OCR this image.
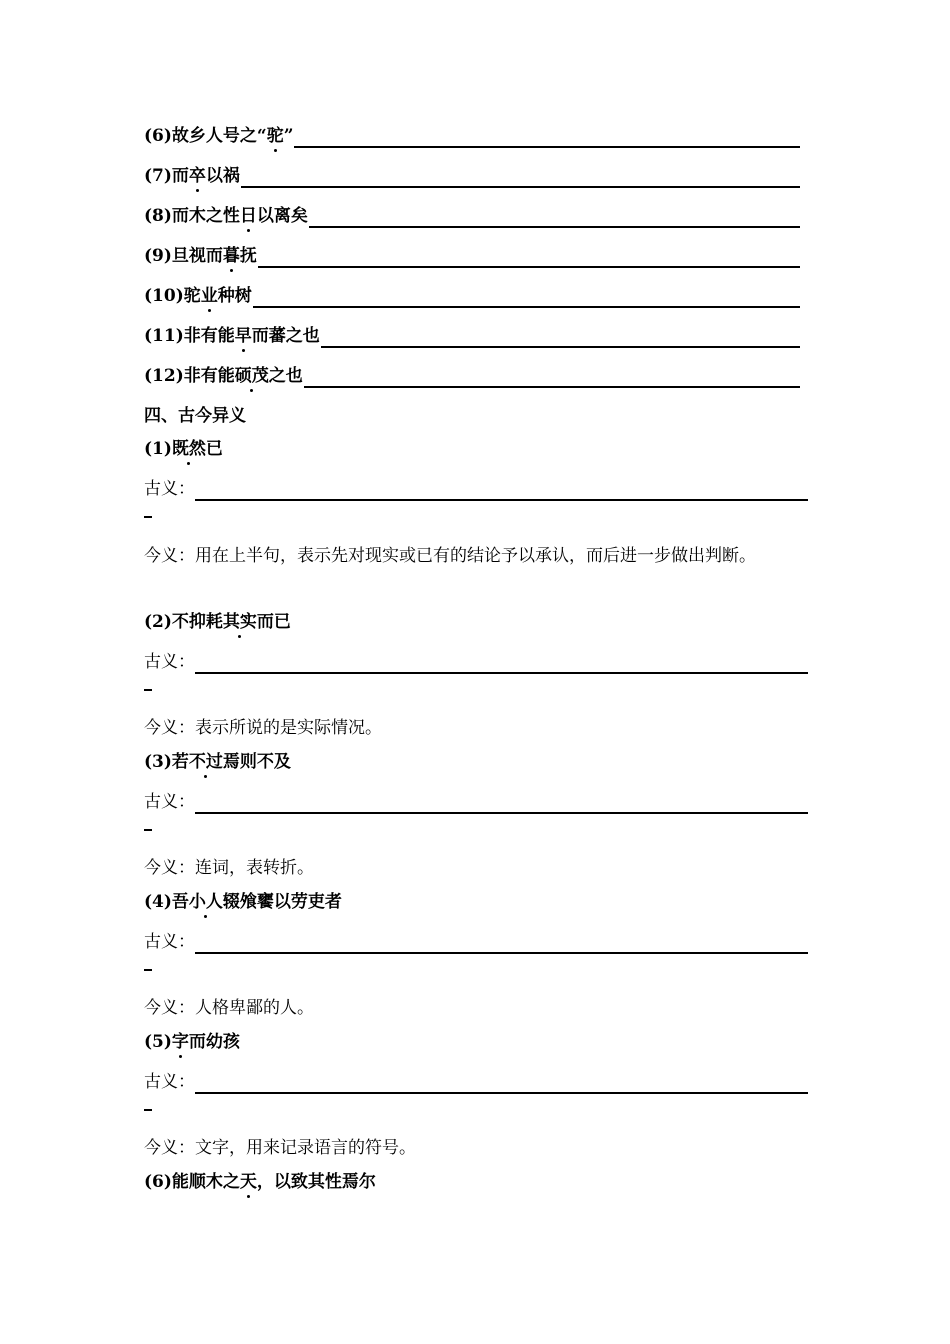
(6) 故乡人号之“ 驼 ”
(7) 而 卒 以祸
(8) 而木之性 日 以离矣
(9) 旦视而 暮 抚
(10) 驼 业 种树
(11) 非有能 早 而蕃之也
(12) 非有能 硕茂 之也
四、古今异义
(1)既然已
古义：
今义：用在上半句，表示先对现实或已有的结论予以承认，而后进一步做出判断。
(2)不抑耗其实而已
古义：
今义：表示所说的是实际情况。
(3)若不过焉则不及
古义：
今义：连词，表转折。
(4)吾小人辍飧饔以劳吏者
古义：
今义：人格卑鄙的人。
(5)字而幼孩
古义：
今义：文字，用来记录语言的符号。
(6)能顺木之天，以致其性焉尔
